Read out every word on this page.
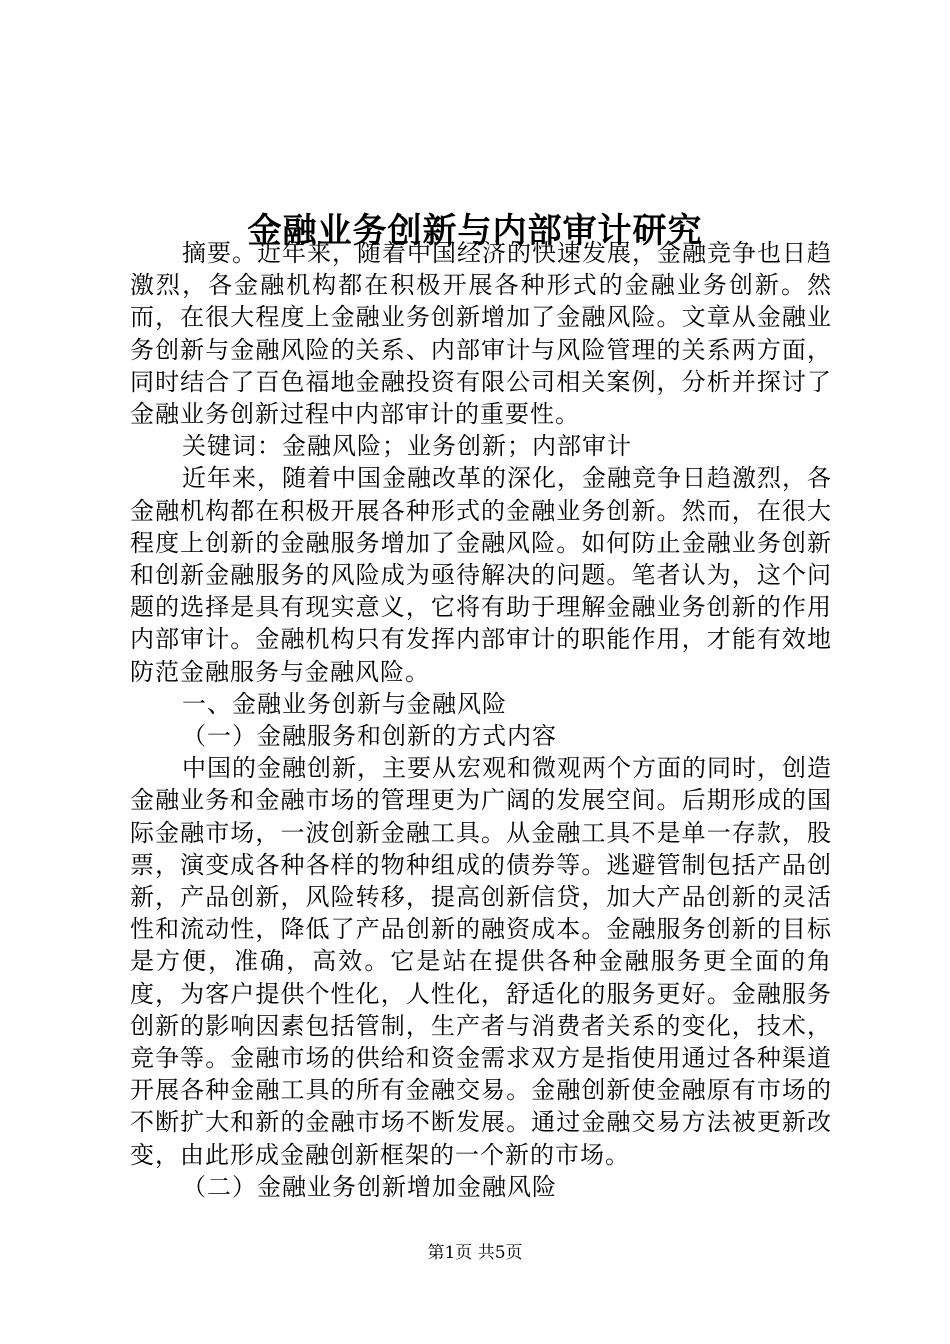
金融业务创新与内部审计研究

摘要。近年来，随着中国经济的快速发展，金融竞争也日趋激烈，各金融机构都在积极开展各种形式的金融业务创新。然而，在很大程度上金融业务创新增加了金融风险。文章从金融业务创新与金融风险的关系、内部审计与风险管理的关系两方面，同时结合了百色福地金融投资有限公司相关案例，分析并探讨了金融业务创新过程中内部审计的重要性。

关键词：金融风险；业务创新；内部审计

近年来，随着中国金融改革的深化，金融竞争日趋激烈，各金融机构都在积极开展各种形式的金融业务创新。然而，在很大程度上创新的金融服务增加了金融风险。如何防止金融业务创新和创新金融服务的风险成为亟待解决的问题。笔者认为，这个问题的选择是具有现实意义，它将有助于理解金融业务创新的作用内部审计。金融机构只有发挥内部审计的职能作用，才能有效地防范金融服务与金融风险。

一、金融业务创新与金融风险

（一）金融服务和创新的方式内容

中国的金融创新，主要从宏观和微观两个方面的同时，创造金融业务和金融市场的管理更为广阔的发展空间。后期形成的国际金融市场，一波创新金融工具。从金融工具不是单一存款，股票，演变成各种各样的物种组成的债券等。逃避管制包括产品创新，产品创新，风险转移，提高创新信贷，加大产品创新的灵活性和流动性，降低了产品创新的融资成本。金融服务创新的目标是方便，准确，高效。它是站在提供各种金融服务更全面的角度，为客户提供个性化，人性化，舒适化的服务更好。金融服务创新的影响因素包括管制，生产者与消费者关系的变化，技术，竞争等。金融市场的供给和资金需求双方是指使用通过各种渠道开展各种金融工具的所有金融交易。金融创新使金融原有市场的不断扩大和新的金融市场不断发展。通过金融交易方法被更新改变，由此形成金融创新框架的一个新的市场。

（二）金融业务创新增加金融风险

第1页 共5页
